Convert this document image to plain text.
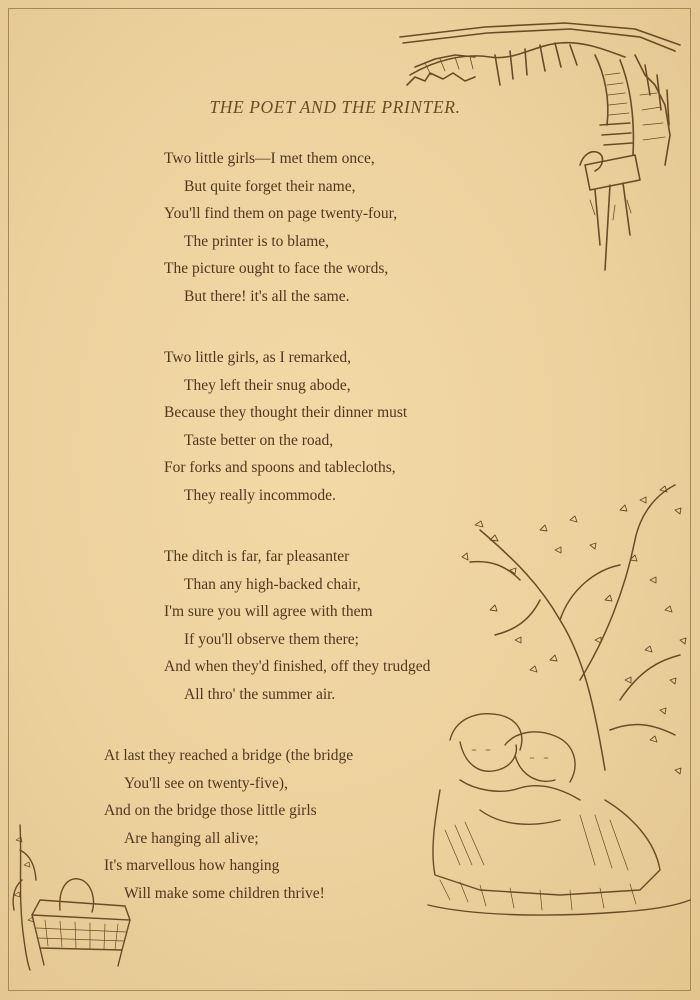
THE POET AND THE PRINTER.
Two little girls—I met them once,
But quite forget their name,
You'll find them on page twenty-four,
The printer is to blame,
The picture ought to face the words,
But there! it's all the same.
Two little girls, as I remarked,
They left their snug abode,
Because they thought their dinner must
Taste better on the road,
For forks and spoons and tablecloths,
They really incommode.
The ditch is far, far pleasanter
Than any high-backed chair,
I'm sure you will agree with them
If you'll observe them there;
And when they'd finished, off they trudged
All thro' the summer air.
At last they reached a bridge (the bridge
You'll see on twenty-five),
And on the bridge those little girls
Are hanging all alive;
It's marvellous how hanging
Will make some children thrive!
